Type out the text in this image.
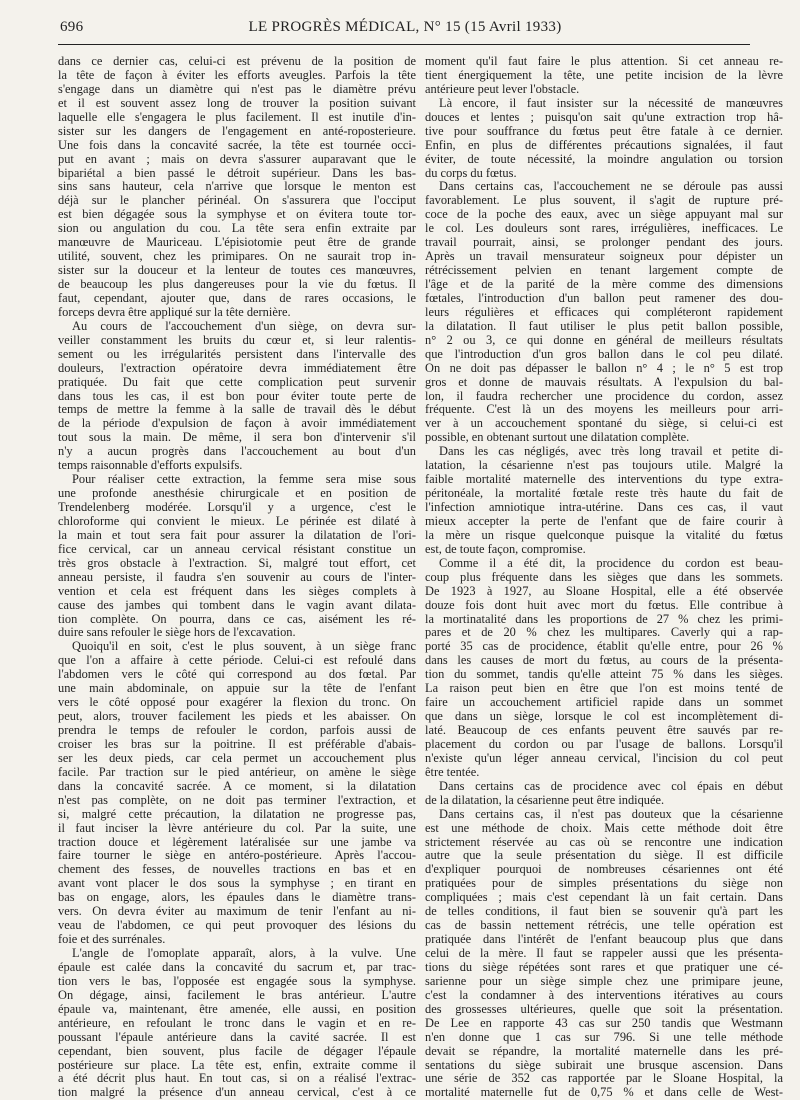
696	LE PROGRÈS MÉDICAL, N° 15 (15 Avril 1933)
dans ce dernier cas, celui-ci est prévenu de la position de
la tête de façon à éviter les efforts aveugles. Parfois la tête
s'engage dans un diamètre qui n'est pas le diamètre prévu
et il est souvent assez long de trouver la position suivant
laquelle elle s'engagera le plus facilement. Il est inutile d'in-
sister sur les dangers de l'engagement en anté-roposterieure.
Une fois dans la concavité sacrée, la tête est tournée occi-
put en avant ; mais on devra s'assurer auparavant que le
bipariétal a bien passé le détroit supérieur. Dans les bas-
sins sans hauteur, cela n'arrive que lorsque le menton est
déjà sur le plancher périnéal. On s'assurera que l'occiput
est bien dégagée sous la symphyse et on évitera toute tor-
sion ou angulation du cou. La tête sera enfin extraite par
manœuvre de Mauriceau. L'épisiotomie peut être de grande
utilité, souvent, chez les primipares. On ne saurait trop in-
sister sur la douceur et la lenteur de toutes ces manœuvres,
de beaucoup les plus dangereuses pour la vie du fœtus. Il
faut, cependant, ajouter que, dans de rares occasions, le
forceps devra être appliqué sur la tête dernière.
Au cours de l'accouchement d'un siège, on devra sur-
veiller constamment les bruits du cœur et, si leur ralentis-
sement ou les irrégularités persistent dans l'intervalle des
douleurs, l'extraction opératoire devra immédiatement être
pratiquée. Du fait que cette complication peut survenir
dans tous les cas, il est bon pour éviter toute perte de
temps de mettre la femme à la salle de travail dès le début
de la période d'expulsion de façon à avoir immédiatement
tout sous la main. De même, il sera bon d'intervenir s'il
n'y a aucun progrès dans l'accouchement au bout d'un
temps raisonnable d'efforts expulsifs.
Pour réaliser cette extraction, la femme sera mise sous
une profonde anesthésie chirurgicale et en position de
Trendelenberg modérée. Lorsqu'il y a urgence, c'est le
chloroforme qui convient le mieux. Le périnée est dilaté à
la main et tout sera fait pour assurer la dilatation de l'ori-
fice cervical, car un anneau cervical résistant constitue un
très gros obstacle à l'extraction. Si, malgré tout effort, cet
anneau persiste, il faudra s'en souvenir au cours de l'inter-
vention et cela est fréquent dans les sièges complets à
cause des jambes qui tombent dans le vagin avant dilata-
tion complète. On pourra, dans ce cas, aisément les ré-
duire sans refouler le siège hors de l'excavation.
Quoiqu'il en soit, c'est le plus souvent, à un siège franc
que l'on a affaire à cette période. Celui-ci est refoulé dans
l'abdomen vers le côté qui correspond au dos fœtal. Par
une main abdominale, on appuie sur la tête de l'enfant
vers le côté opposé pour exagérer la flexion du tronc. On
peut, alors, trouver facilement les pieds et les abaisser. On
prendra le temps de refouler le cordon, parfois aussi de
croiser les bras sur la poitrine. Il est préférable d'abais-
ser les deux pieds, car cela permet un accouchement plus
facile. Par traction sur le pied antérieur, on amène le siège
dans la concavité sacrée. A ce moment, si la dilatation
n'est pas complète, on ne doit pas terminer l'extraction, et
si, malgré cette précaution, la dilatation ne progresse pas,
il faut inciser la lèvre antérieure du col. Par la suite, une
traction douce et légèrement latéralisée sur une jambe va
faire tourner le siège en antéro-postérieure. Après l'accou-
chement des fesses, de nouvelles tractions en bas et en
avant vont placer le dos sous la symphyse ; en tirant en
bas on engage, alors, les épaules dans le diamètre trans-
vers. On devra éviter au maximum de tenir l'enfant au ni-
veau de l'abdomen, ce qui peut provoquer des lésions du
foie et des surrénales.
L'angle de l'omoplate apparaît, alors, à la vulve. Une
épaule est calée dans la concavité du sacrum et, par trac-
tion vers le bas, l'opposée est engagée sous la symphyse.
On dégage, ainsi, facilement le bras antérieur. L'autre
épaule va, maintenant, être amenée, elle aussi, en position
antérieure, en refoulant le tronc dans le vagin et en re-
poussant l'épaule antérieure dans la cavité sacrée. Il est
cependant, bien souvent, plus facile de dégager l'épaule
postérieure sur place. La tête est, enfin, extraite comme il
a été décrit plus haut. En tout cas, si on a réalisé l'extrac-
tion malgré la présence d'un anneau cervical, c'est à ce
moment qu'il faut faire le plus attention. Si cet anneau re-
tient énergiquement la tête, une petite incision de la lèvre
antérieure peut lever l'obstacle.
Là encore, il faut insister sur la nécessité de manœuvres
douces et lentes ; puisqu'on sait qu'une extraction trop hâ-
tive pour souffrance du fœtus peut être fatale à ce dernier.
Enfin, en plus de différentes précautions signalées, il faut
éviter, de toute nécessité, la moindre angulation ou torsion
du corps du fœtus.
Dans certains cas, l'accouchement ne se déroule pas aussi
favorablement. Le plus souvent, il s'agit de rupture pré-
coce de la poche des eaux, avec un siège appuyant mal sur
le col. Les douleurs sont rares, irrégulières, inefficaces. Le
travail pourrait, ainsi, se prolonger pendant des jours.
Après un travail mensurateur soigneux pour dépister un
rétrécissement pelvien en tenant largement compte de
l'âge et de la parité de la mère comme des dimensions
fœtales, l'introduction d'un ballon peut ramener des dou-
leurs régulières et efficaces qui compléteront rapidement
la dilatation. Il faut utiliser le plus petit ballon possible,
n° 2 ou 3, ce qui donne en général de meilleurs résultats
que l'introduction d'un gros ballon dans le col peu dilaté.
On ne doit pas dépasser le ballon n° 4 ; le n° 5 est trop
gros et donne de mauvais résultats. A l'expulsion du bal-
lon, il faudra rechercher une procidence du cordon, assez
fréquente. C'est là un des moyens les meilleurs pour arri-
ver à un accouchement spontané du siège, si celui-ci est
possible, en obtenant surtout une dilatation complète.
Dans les cas négligés, avec très long travail et petite di-
latation, la césarienne n'est pas toujours utile. Malgré la
faible mortalité maternelle des interventions du type extra-
péritonéale, la mortalité fœtale reste très haute du fait de
l'infection amniotique intra-utérine. Dans ces cas, il vaut
mieux accepter la perte de l'enfant que de faire courir à
la mère un risque quelconque puisque la vitalité du fœtus
est, de toute façon, compromise.
Comme il a été dit, la procidence du cordon est beau-
coup plus fréquente dans les sièges que dans les sommets.
De 1923 à 1927, au Sloane Hospital, elle a été observée
douze fois dont huit avec mort du fœtus. Elle contribue à
la mortinatalité dans les proportions de 27 % chez les primi-
pares et de 20 % chez les multipares. Caverly qui a rap-
porté 35 cas de procidence, établit qu'elle entre, pour 26 %
dans les causes de mort du fœtus, au cours de la présenta-
tion du sommet, tandis qu'elle atteint 75 % dans les sièges.
La raison peut bien en être que l'on est moins tenté de
faire un accouchement artificiel rapide dans un sommet
que dans un siège, lorsque le col est incomplètement di-
laté. Beaucoup de ces enfants peuvent être sauvés par re-
placement du cordon ou par l'usage de ballons. Lorsqu'il
n'existe qu'un léger anneau cervical, l'incision du col peut
être tentée.
Dans certains cas de procidence avec col épais en début
de la dilatation, la césarienne peut être indiquée.
Dans certains cas, il n'est pas douteux que la césarienne
est une méthode de choix. Mais cette méthode doit être
strictement réservée au cas où se rencontre une indication
autre que la seule présentation du siège. Il est difficile
d'expliquer pourquoi de nombreuses césariennes ont été
pratiquées pour de simples présentations du siège non
compliquées ; mais c'est cependant là un fait certain. Dans
de telles conditions, il faut bien se souvenir qu'à part les
cas de bassin nettement rétrécis, une telle opération est
pratiquée dans l'intérêt de l'enfant beaucoup plus que dans
celui de la mère. Il faut se rappeler aussi que les présenta-
tions du siège répétées sont rares et que pratiquer une cé-
sarienne pour un siège simple chez une primipare jeune,
c'est la condamner à des interventions itératives au cours
des grossesses ultérieures, quelle que soit la présentation.
De Lee en rapporte 43 cas sur 250 tandis que Westmann
n'en donne que 1 cas sur 796. Si une telle méthode
devait se répandre, la mortalité maternelle dans les pré-
sentations du siège subirait une brusque ascension. Dans
une série de 352 cas rapportée par le Sloane Hospital, la
mortalité maternelle fut de 0,75 % et dans celle de West-
